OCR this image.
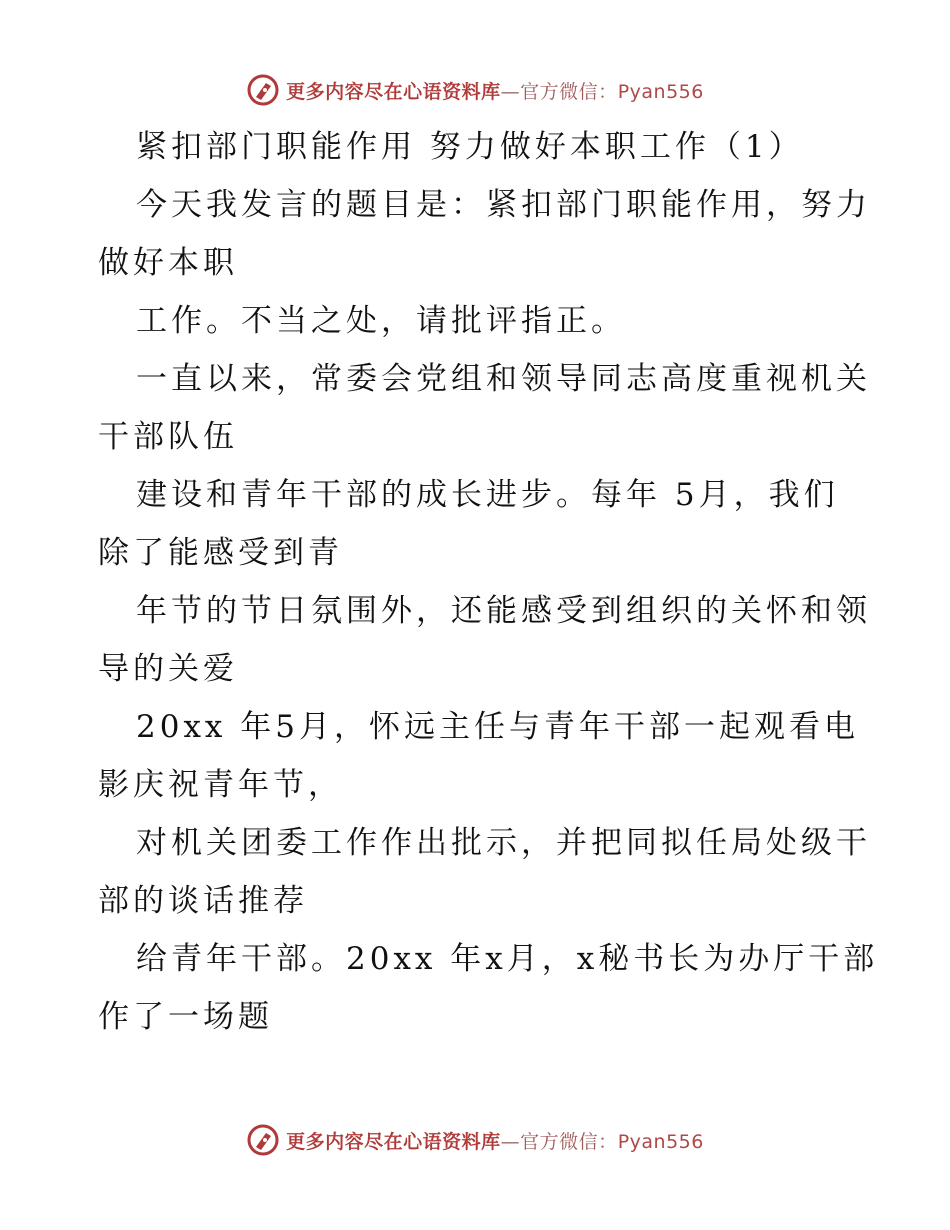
更多内容尽在心语资料库—官方微信：Pyan556
紧扣部门职能作用 努力做好本职工作（1）
今天我发言的题目是：紧扣部门职能作用，努力
做好本职
工作。不当之处，请批评指正。
一直以来，常委会党组和领导同志高度重视机关
干部队伍
建设和青年干部的成长进步。每年 5月，我们
除了能感受到青
年节的节日氛围外，还能感受到组织的关怀和领
导的关爱
20xx 年5月，怀远主任与青年干部一起观看电
影庆祝青年节，
对机关团委工作作出批示，并把同拟任局处级干
部的谈话推荐
给青年干部。20xx 年x月，x秘书长为办厅干部
作了一场题
更多内容尽在心语资料库—官方微信：Pyan556
